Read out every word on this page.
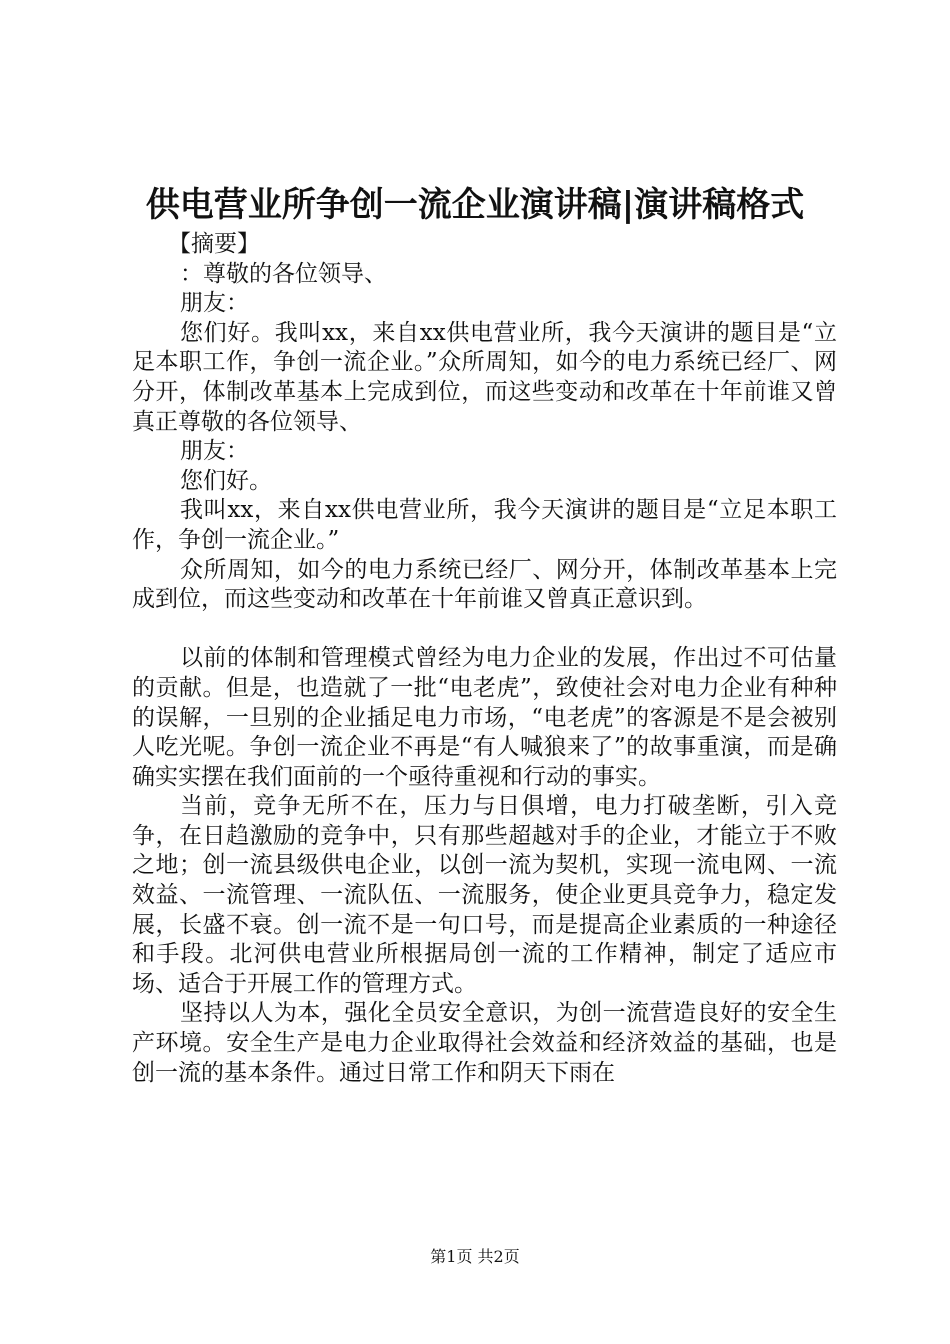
供电营业所争创一流企业演讲稿|演讲稿格式

【摘要】

：尊敬的各位领导、

朋友：

您们好。我叫xx，来自xx供电营业所，我今天演讲的题目是“立足本职工作，争创一流企业。”众所周知，如今的电力系统已经厂、网分开，体制改革基本上完成到位，而这些变动和改革在十年前谁又曾真正尊敬的各位领导、

朋友：

您们好。

我叫xx，来自xx供电营业所，我今天演讲的题目是“立足本职工作，争创一流企业。”

众所周知，如今的电力系统已经厂、网分开，体制改革基本上完成到位，而这些变动和改革在十年前谁又曾真正意识到。

以前的体制和管理模式曾经为电力企业的发展，作出过不可估量的贡献。但是，也造就了一批“电老虎”，致使社会对电力企业有种种的误解，一旦别的企业插足电力市场，“电老虎”的客源是不是会被别人吃光呢。争创一流企业不再是“有人喊狼来了”的故事重演，而是确确实实摆在我们面前的一个亟待重视和行动的事实。

当前，竞争无所不在，压力与日俱增，电力打破垄断，引入竞争，在日趋激励的竞争中，只有那些超越对手的企业，才能立于不败之地；创一流县级供电企业，以创一流为契机，实现一流电网、一流效益、一流管理、一流队伍、一流服务，使企业更具竞争力，稳定发展，长盛不衰。创一流不是一句口号，而是提高企业素质的一种途径和手段。北河供电营业所根据局创一流的工作精神，制定了适应市场、适合于开展工作的管理方式。

坚持以人为本，强化全员安全意识，为创一流营造良好的安全生产环境。安全生产是电力企业取得社会效益和经济效益的基础，也是创一流的基本条件。通过日常工作和阴天下雨在

第1页 共2页
